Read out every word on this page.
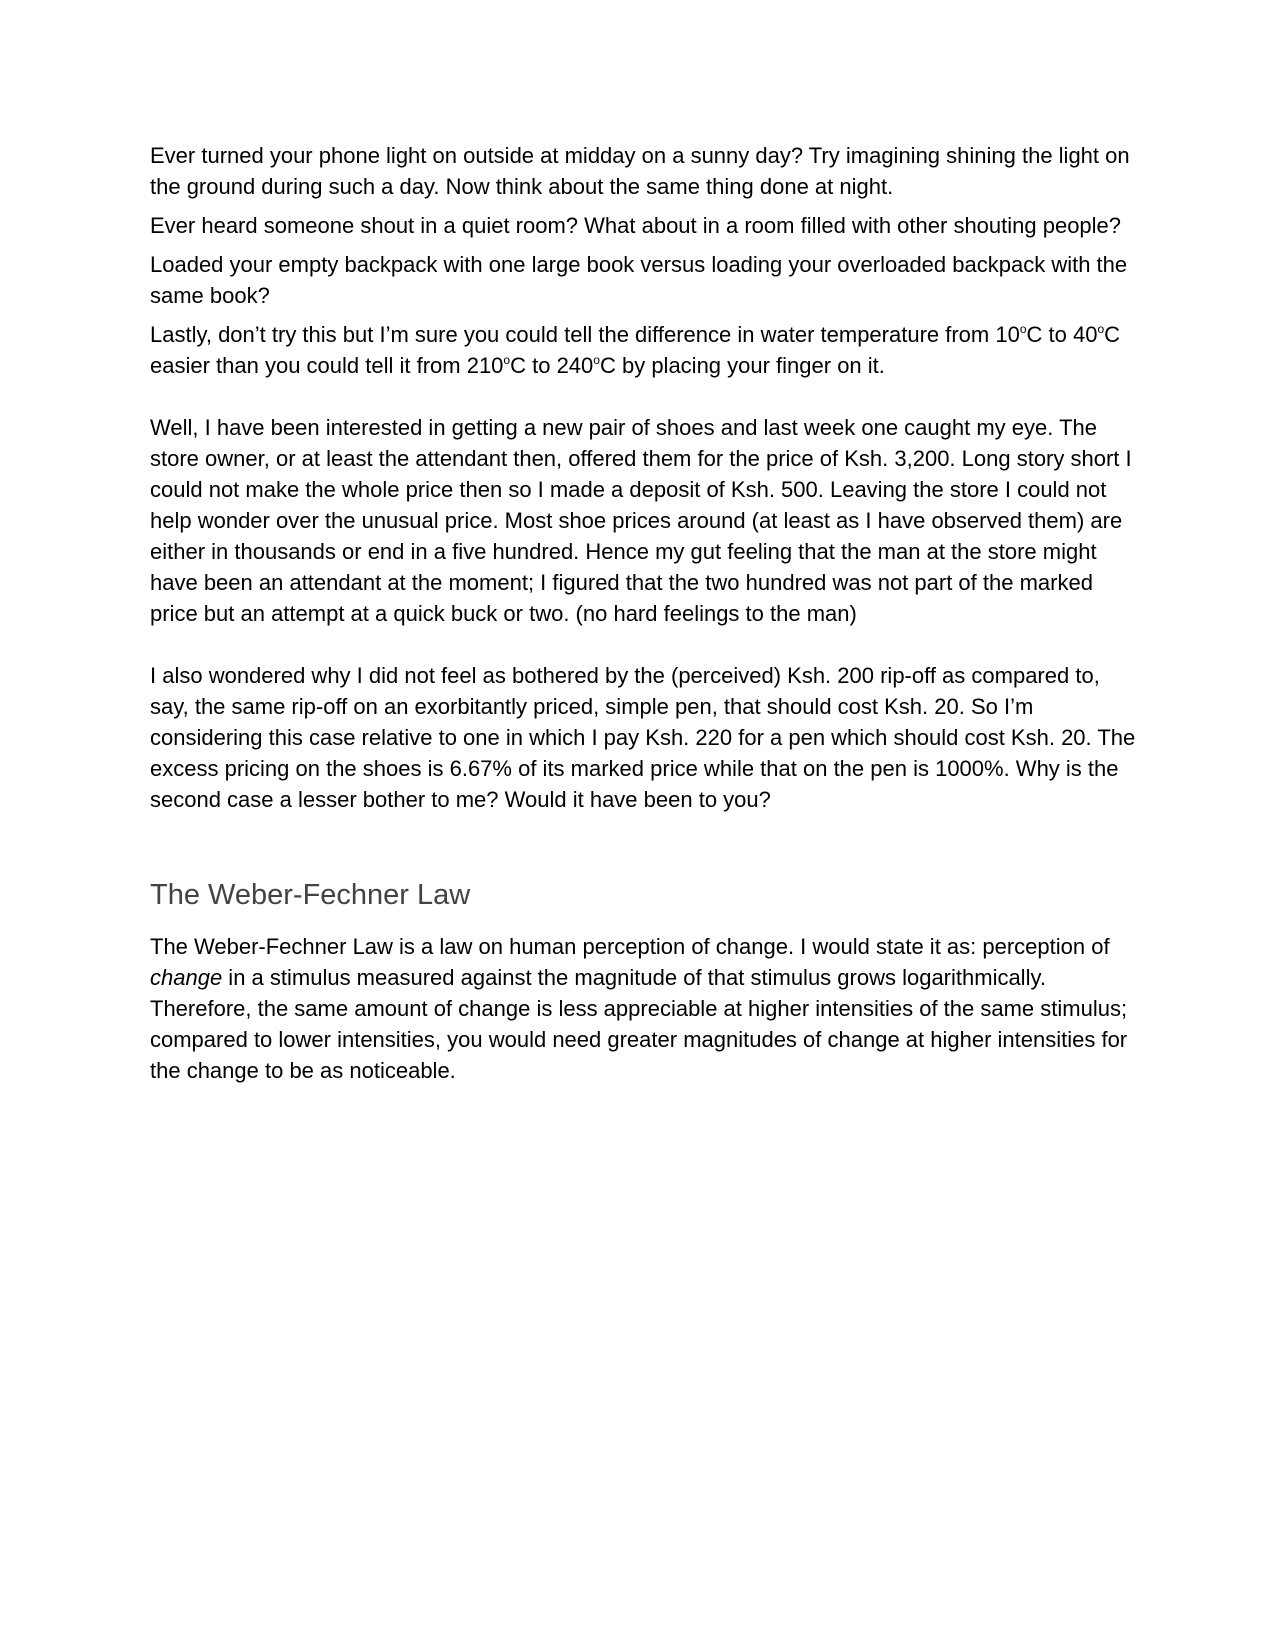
Ever turned your phone light on outside at midday on a sunny day? Try imagining shining the light on the ground during such a day. Now think about the same thing done at night.

Ever heard someone shout in a quiet room? What about in a room filled with other shouting people?

Loaded your empty backpack with one large book versus loading your overloaded backpack with the same book?

Lastly, don’t try this but I’m sure you could tell the difference in water temperature from 10$^o$C to 40$^o$C easier than you could tell it from 210$^o$C to 240$^o$C by placing your finger on it.

Well, I have been interested in getting a new pair of shoes and last week one caught my eye. The store owner, or at least the attendant then, offered them for the price of Ksh. 3,200. Long story short I could not make the whole price then so I made a deposit of Ksh. 500. Leaving the store I could not help wonder over the unusual price. Most shoe prices around (at least as I have observed them) are either in thousands or end in a five hundred. Hence my gut feeling that the man at the store might have been an attendant at the moment; I figured that the two hundred was not part of the marked price but an attempt at a quick buck or two. (no hard feelings to the man)

I also wondered why I did not feel as bothered by the (perceived) Ksh. 200 rip-off as compared to, say, the same rip-off on an exorbitantly priced, simple pen, that should cost Ksh. 20. So I’m considering this case relative to one in which I pay Ksh. 220 for a pen which should cost Ksh. 20. The excess pricing on the shoes is 6.67% of its marked price while that on the pen is 1000%. Why is the second case a lesser bother to me? Would it have been to you?

The Weber-Fechner Law

The Weber-Fechner Law is a law on human perception of change. I would state it as: perception of change in a stimulus measured against the magnitude of that stimulus grows logarithmically. Therefore, the same amount of change is less appreciable at higher intensities of the same stimulus; compared to lower intensities, you would need greater magnitudes of change at higher intensities for the change to be as noticeable.
